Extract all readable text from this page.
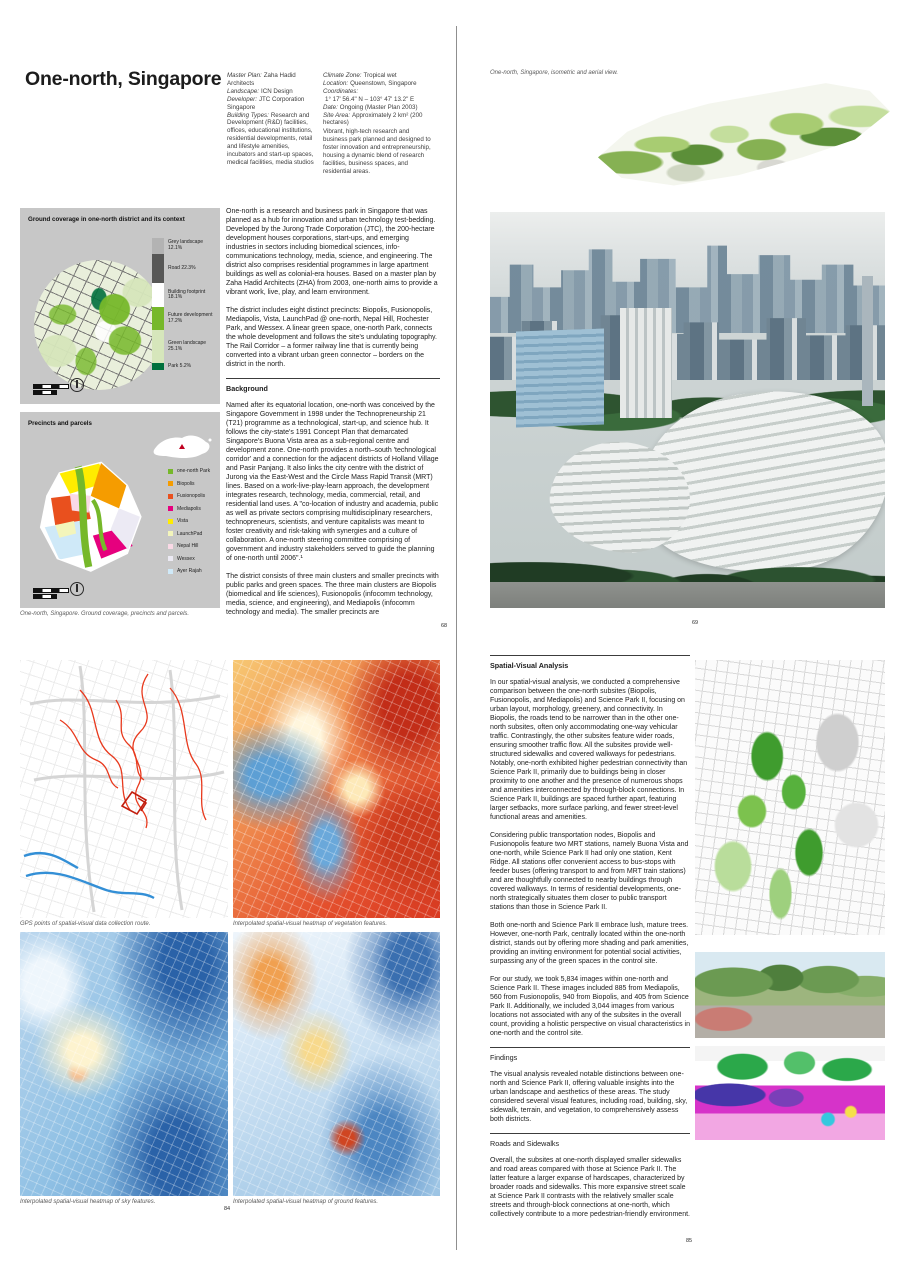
One-north, Singapore Master Plan: Zaha Hadid Architects
Landscape: ICN Design
Developer: JTC Corporation Singapore
Building Types: Research and Development (R&D) facilities, offices, educational institutions, residential developments, retail and lifestyle amenities, incubators and start-up spaces, medical facilities, media studios
Climate Zone: Tropical wet
Location: Queenstown, Singapore
Coordinates:
1° 17' 56.4" N – 103° 47' 13.2" E
Date: Ongoing (Master Plan 2003)
Site Area: Approximately 2 km² (200 hectares)
Vibrant, high-tech research and business park planned and designed to foster innovation and entrepreneurship, housing a dynamic blend of research facilities, business spaces, and residential areas.
Ground coverage in one-north district and its context
Grey landscape 12.1%
Road 22.3%
Building footprint 18.1%
Future development 17.2%
Green landscape 25.1%
Park 5.2%
Precincts and parcels
one-north Park
Biopolis
Fusionopolis
Mediapolis
Vista
LaunchPad
Nepal Hill
Wessex
Ayer Rajah
One-north, Singapore. Ground coverage, precincts and parcels.

One-north is a research and business park in Singapore that was planned as a hub for innovation and urban technology test-bedding. Developed by the Jurong Trade Corporation (JTC), the 200-hectare development houses corporations, start-ups, and emerging industries in sectors including biomedical sciences, info-communications technology, media, science, and engineering. The district also comprises residential programmes in large apartment buildings as well as colonial-era houses. Based on a master plan by Zaha Hadid Architects (ZHA) from 2003, one-north aims to provide a vibrant work, live, play, and learn environment.

The district includes eight distinct precincts: Biopolis, Fusionopolis, Mediapolis, Vista, LaunchPad @ one-north, Nepal Hill, Rochester Park, and Wessex. A linear green space, one-north Park, connects the whole development and follows the site's undulating topography. The Rail Corridor – a former railway line that is currently being converted into a vibrant urban green connector – borders on the district in the north.

Background

Named after its equatorial location, one-north was conceived by the Singapore Government in 1998 under the Technopreneurship 21 (T21) programme as a technological, start-up, and science hub. It follows the city-state's 1991 Concept Plan that demarcated Singapore's Buona Vista area as a sub-regional centre and development zone. One-north provides a north–south 'technological corridor' and a connection for the adjacent districts of Holland Village and Pasir Panjang. It also links the city centre with the district of Jurong via the East-West and the Circle Mass Rapid Transit (MRT) lines. Based on a work-live-play-learn approach, the development integrates research, technology, media, commercial, retail, and residential land uses. A "co-location of industry and academia, public as well as private sectors comprising multidisciplinary researchers, technopreneurs, scientists, and venture capitalists was meant to foster creativity and risk-taking with synergies and a culture of collaboration. A one-north steering committee comprising of government and industry stakeholders served to guide the planning of one-north until 2006".¹

The district consists of three main clusters and smaller precincts with public parks and green spaces. The three main clusters are Biopolis (biomedical and life sciences), Fusionopolis (infocomm technology, media, science, and engineering), and Mediapolis (infocomm technology and media). The smaller precincts are

68
One-north, Singapore, isometric and aerial view.
69
GPS points of spatial-visual data collection route.	Interpolated spatial-visual heatmap of vegetation features.
Interpolated spatial-visual heatmap of sky features.	Interpolated spatial-visual heatmap of ground features.
84
Spatial-Visual Analysis

In our spatial-visual analysis, we conducted a comprehensive comparison between the one-north subsites (Biopolis, Fusionopolis, and Mediapolis) and Science Park II, focusing on urban layout, morphology, greenery, and connectivity. In Biopolis, the roads tend to be narrower than in the other one-north subsites, often only accommodating one-way vehicular traffic. Contrastingly, the other subsites feature wider roads, ensuring smoother traffic flow. All the subsites provide well-structured sidewalks and covered walkways for pedestrians. Notably, one-north exhibited higher pedestrian connectivity than Science Park II, primarily due to buildings being in closer proximity to one another and the presence of numerous shops and amenities interconnected by through-block connections. In Science Park II, buildings are spaced further apart, featuring larger setbacks, more surface parking, and fewer street-level functional areas and amenities.

Considering public transportation nodes, Biopolis and Fusionopolis feature two MRT stations, namely Buona Vista and one-north, while Science Park II had only one station, Kent Ridge. All stations offer convenient access to bus-stops with feeder buses (offering transport to and from MRT train stations) and are thoughtfully connected to nearby buildings through covered walkways. In terms of residential developments, one-north strategically situates them closer to public transport stations than those in Science Park II.

Both one-north and Science Park II embrace lush, mature trees. However, one-north Park, centrally located within the one-north district, stands out by offering more shading and park amenities, providing an inviting environment for potential social activities, surpassing any of the green spaces in the control site.

For our study, we took 5,834 images within one-north and Science Park II. These images included 885 from Mediapolis, 560 from Fusionopolis, 940 from Biopolis, and 405 from Science Park II. Additionally, we included 3,044 images from various locations not associated with any of the subsites in the overall count, providing a holistic perspective on visual characteristics in one-north and the control site.

Findings

The visual analysis revealed notable distinctions between one-north and Science Park II, offering valuable insights into the urban landscape and aesthetics of these areas. The study considered several visual features, including road, building, sky, sidewalk, terrain, and vegetation, to comprehensively assess both districts.

Roads and Sidewalks

Overall, the subsites at one-north displayed smaller sidewalks and road areas compared with those at Science Park II. The latter feature a larger expanse of hardscapes, characterized by broader roads and sidewalks. This more expansive street scale at Science Park II contrasts with the relatively smaller scale streets and through-block connections at one-north, which collectively contribute to a more pedestrian-friendly environment.

85
